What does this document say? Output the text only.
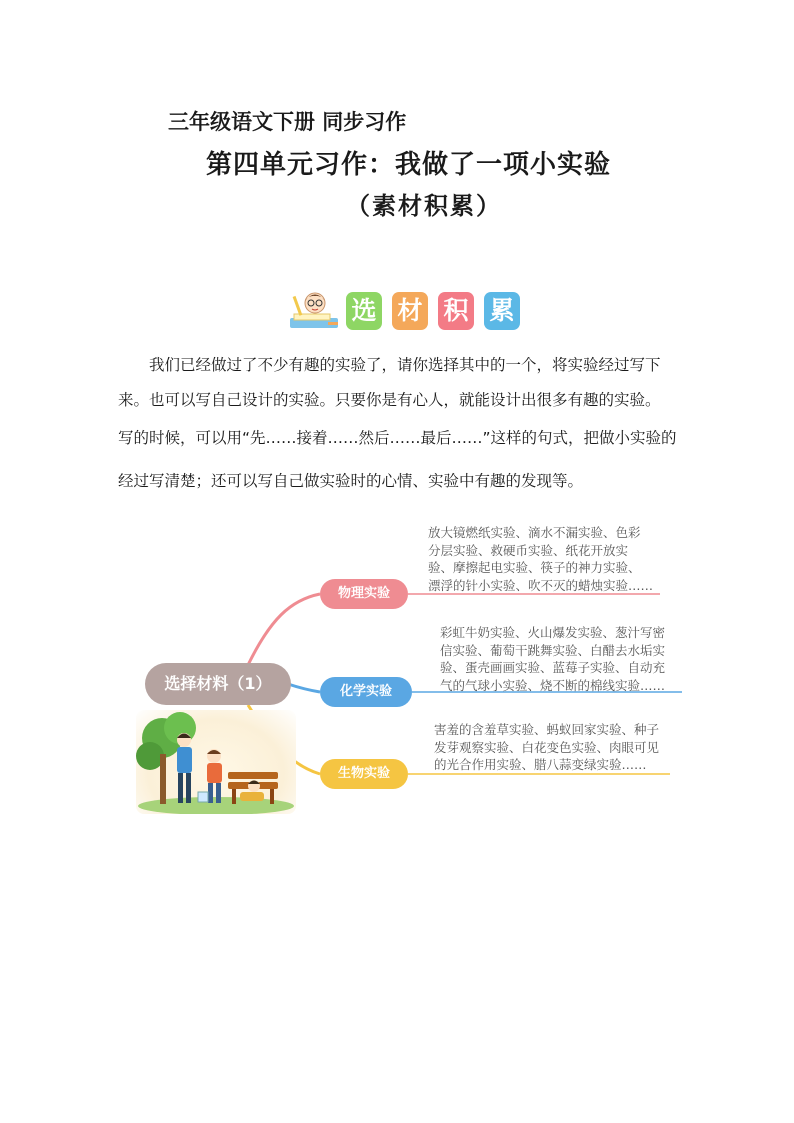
三年级语文下册 同步习作
第四单元习作：我做了一项小实验
（素材积累）
选 材 积 累
我们已经做过了不少有趣的实验了，请你选择其中的一个，将实验经过写下
来。也可以写自己设计的实验。只要你是有心人，就能设计出很多有趣的实验。
写的时候，可以用“先……接着……然后……最后……”这样的句式，把做小实验的
经过写清楚；还可以写自己做实验时的心情、实验中有趣的发现等。
选择材料（1）
物理实验
放大镜燃纸实验、滴水不漏实验、色彩
分层实验、救硬币实验、纸花开放实
验、摩擦起电实验、筷子的神力实验、
漂浮的针小实验、吹不灭的蜡烛实验……
化学实验
彩虹牛奶实验、火山爆发实验、葱汁写密
信实验、葡萄干跳舞实验、白醋去水垢实
验、蛋壳画画实验、蓝莓子实验、自动充
气的气球小实验、烧不断的棉线实验……
生物实验
害羞的含羞草实验、蚂蚁回家实验、种子
发芽观察实验、白花变色实验、肉眼可见
的光合作用实验、腊八蒜变绿实验……
